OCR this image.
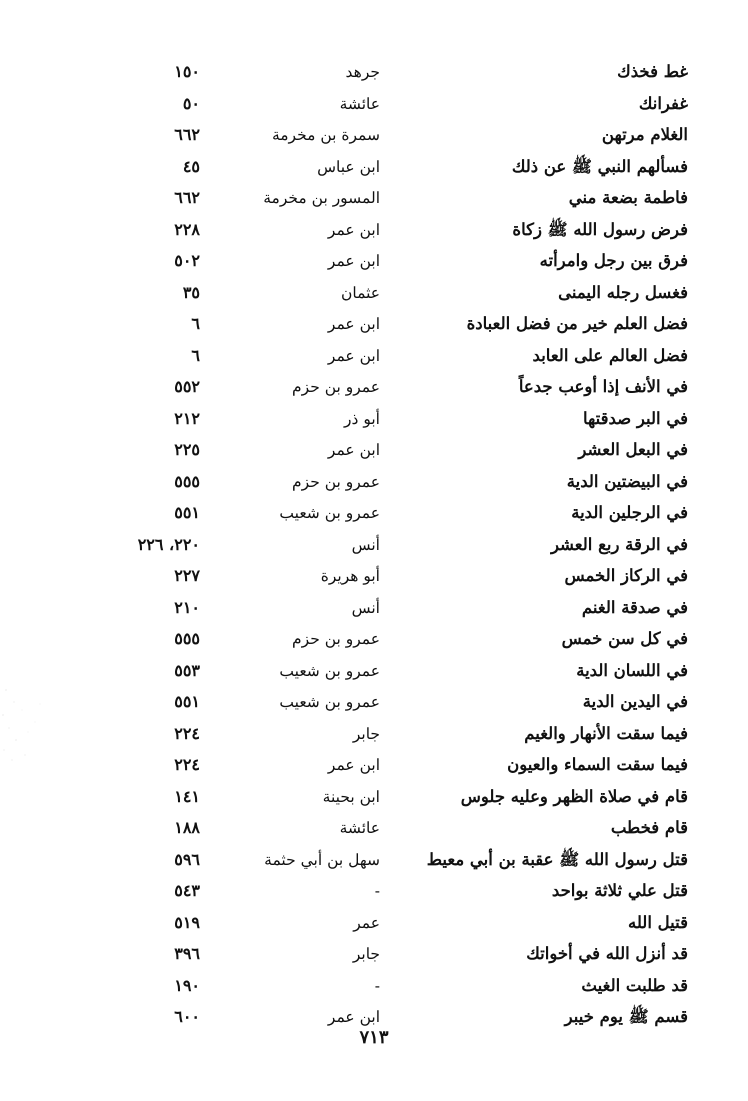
غط فخذك
جرهد
١٥٠
غفرانك
عائشة
٥٠
الغلام مرتهن
سمرة بن مخرمة
٦٦٢
فسألهم النبي ﷺ عن ذلك
ابن عباس
٤٥
فاطمة بضعة مني
المسور بن مخرمة
٦٦٢
فرض رسول الله ﷺ زكاة
ابن عمر
٢٢٨
فرق بين رجل وامرأته
ابن عمر
٥٠٢
فغسل رجله اليمنى
عثمان
٣٥
فضل العلم خير من فضل العبادة
ابن عمر
٦
فضل العالم على العابد
ابن عمر
٦
في الأنف إذا أوعب جدعاً
عمرو بن حزم
٥٥٢
في البر صدقتها
أبو ذر
٢١٢
في البعل العشر
ابن عمر
٢٢٥
في البيضتين الدية
عمرو بن حزم
٥٥٥
في الرجلين الدية
عمرو بن شعيب
٥٥١
في الرقة ربع العشر
أنس
٢٢٠، ٢٢٦
في الركاز الخمس
أبو هريرة
٢٢٧
في صدقة الغنم
أنس
٢١٠
في كل سن خمس
عمرو بن حزم
٥٥٥
في اللسان الدية
عمرو بن شعيب
٥٥٣
في اليدين الدية
عمرو بن شعيب
٥٥١
فيما سقت الأنهار والغيم
جابر
٢٢٤
فيما سقت السماء والعيون
ابن عمر
٢٢٤
قام في صلاة الظهر وعليه جلوس
ابن بحينة
١٤١
قام فخطب
عائشة
١٨٨
قتل رسول الله ﷺ عقبة بن أبي معيط
سهل بن أبي حثمة
٥٩٦
قتل علي ثلاثة بواحد
-
٥٤٣
قتيل الله
عمر
٥١٩
قد أنزل الله في أخواتك
جابر
٣٩٦
قد طلبت الغيث
-
١٩٠
قسم ﷺ يوم خيبر
ابن عمر
٦٠٠
٧١٣
